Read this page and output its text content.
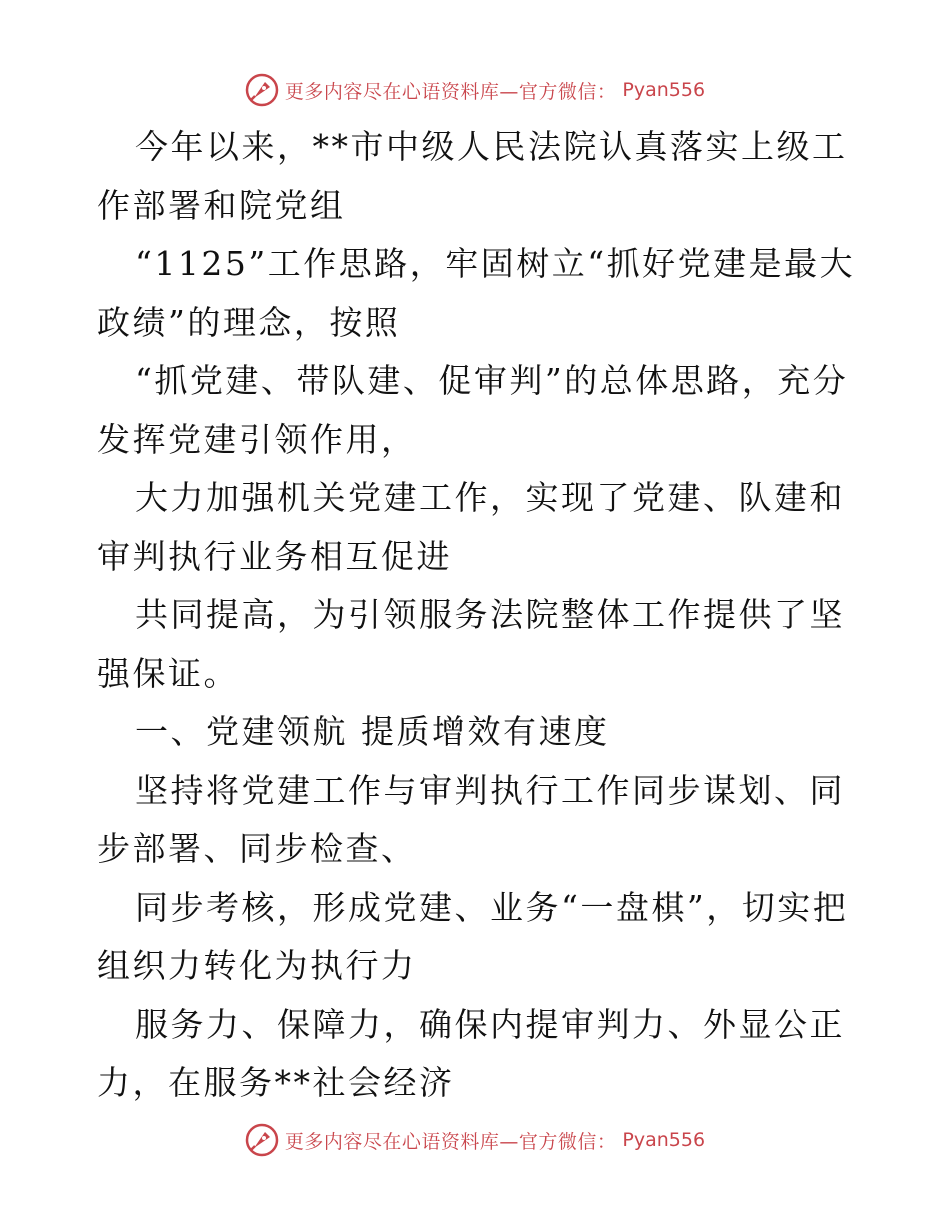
更多内容尽在心语资料库—官方微信： Pyan556

今年以来，**市中级人民法院认真落实上级工作部署和院党组

“1125”工作思路，牢固树立“抓好党建是最大政绩”的理念，按照

“抓党建、带队建、促审判”的总体思路，充分发挥党建引领作用，

大力加强机关党建工作，实现了党建、队建和审判执行业务相互促进

共同提高，为引领服务法院整体工作提供了坚强保证。

一、党建领航 提质增效有速度

坚持将党建工作与审判执行工作同步谋划、同步部署、同步检查、

同步考核，形成党建、业务“一盘棋”，切实把组织力转化为执行力

服务力、保障力，确保内提审判力、外显公正力，在服务**社会经济

更多内容尽在心语资料库—官方微信： Pyan556
